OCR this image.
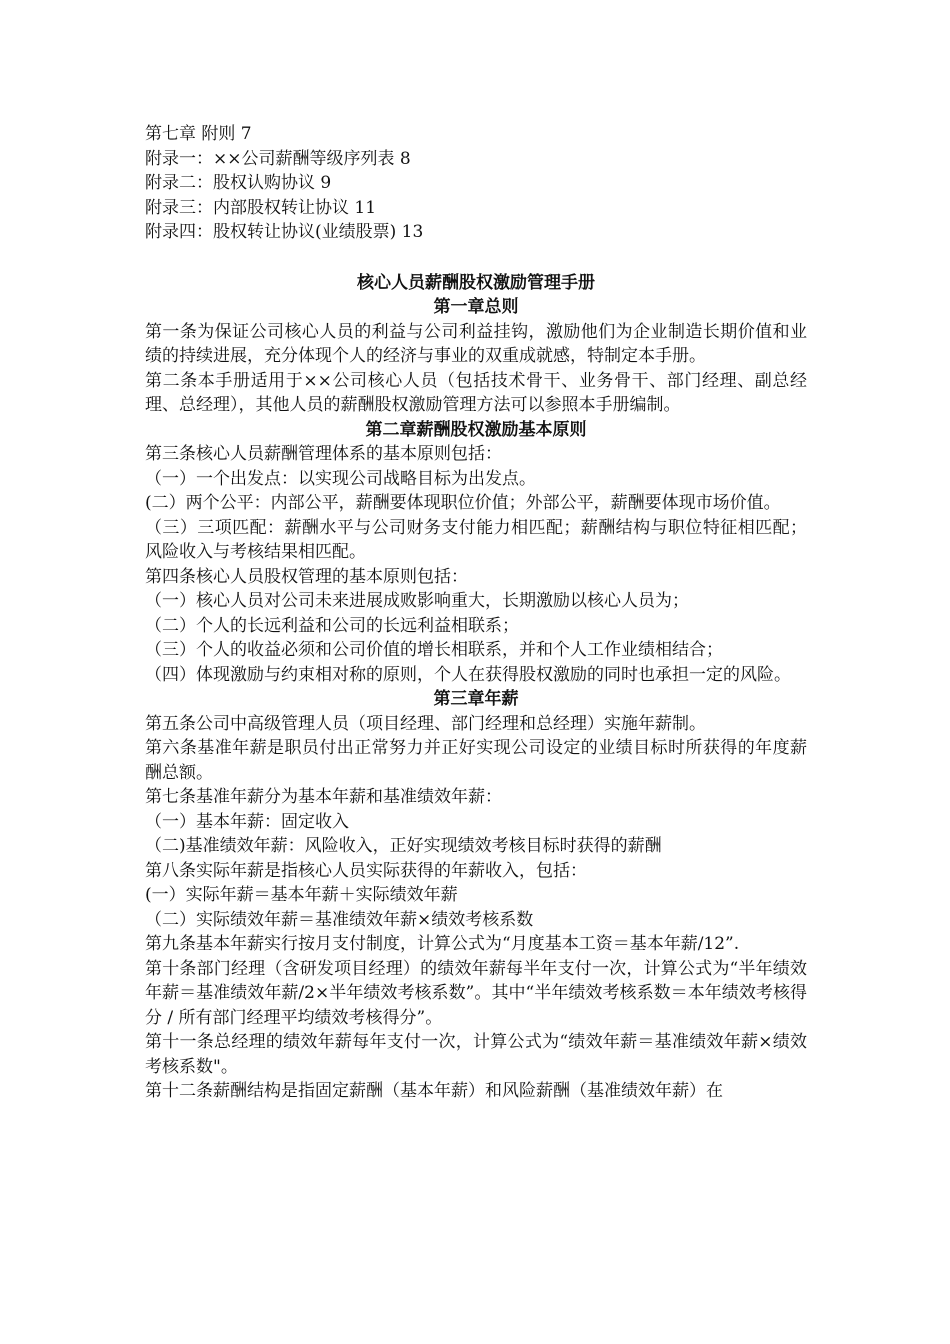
第七章 附则 7

附录一：××公司薪酬等级序列表 8

附录二：股权认购协议 9

附录三：内部股权转让协议 11

附录四：股权转让协议(业绩股票) 13

核心人员薪酬股权激励管理手册
第一章总则

第一条为保证公司核心人员的利益与公司利益挂钩，激励他们为企业制造长期价值和业绩的持续进展，充分体现个人的经济与事业的双重成就感，特制定本手册。

第二条本手册适用于××公司核心人员（包括技术骨干、业务骨干、部门经理、副总经理、总经理），其他人员的薪酬股权激励管理方法可以参照本手册编制。

第二章薪酬股权激励基本原则

第三条核心人员薪酬管理体系的基本原则包括：

（一）一个出发点：以实现公司战略目标为出发点。

(二）两个公平：内部公平，薪酬要体现职位价值；外部公平，薪酬要体现市场价值。

（三）三项匹配：薪酬水平与公司财务支付能力相匹配；薪酬结构与职位特征相匹配；风险收入与考核结果相匹配。

第四条核心人员股权管理的基本原则包括：

（一）核心人员对公司未来进展成败影响重大，长期激励以核心人员为；

（二）个人的长远利益和公司的长远利益相联系；

（三）个人的收益必须和公司价值的增长相联系，并和个人工作业绩相结合；

（四）体现激励与约束相对称的原则，个人在获得股权激励的同时也承担一定的风险。

第三章年薪

第五条公司中高级管理人员（项目经理、部门经理和总经理）实施年薪制。

第六条基准年薪是职员付出正常努力并正好实现公司设定的业绩目标时所获得的年度薪酬总额。

第七条基准年薪分为基本年薪和基准绩效年薪：

（一）基本年薪：固定收入

（二)基准绩效年薪：风险收入，正好实现绩效考核目标时获得的薪酬

第八条实际年薪是指核心人员实际获得的年薪收入，包括：

(一）实际年薪＝基本年薪＋实际绩效年薪

（二）实际绩效年薪＝基准绩效年薪×绩效考核系数

第九条基本年薪实行按月支付制度，计算公式为“月度基本工资＝基本年薪/12”.

第十条部门经理（含研发项目经理）的绩效年薪每半年支付一次，计算公式为“半年绩效年薪＝基准绩效年薪/2×半年绩效考核系数”。其中“半年绩效考核系数＝本年绩效考核得分 / 所有部门经理平均绩效考核得分”。

第十一条总经理的绩效年薪每年支付一次，计算公式为“绩效年薪＝基准绩效年薪×绩效考核系数"。

第十二条薪酬结构是指固定薪酬（基本年薪）和风险薪酬（基准绩效年薪）在
